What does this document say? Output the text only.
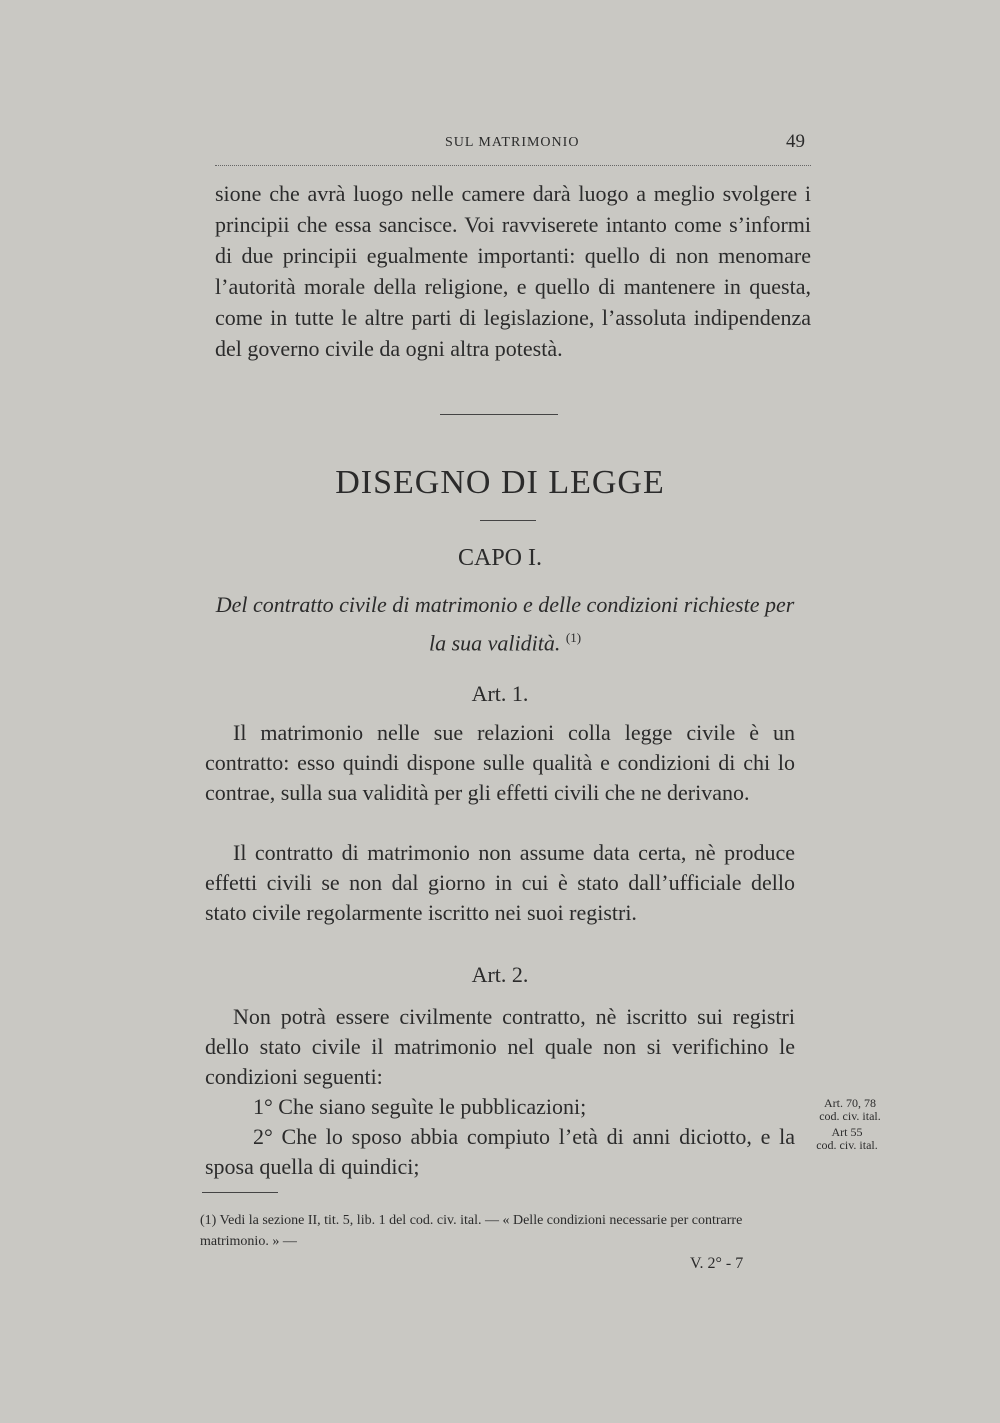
SUL MATRIMONIO	49

sione che avrà luogo nelle camere darà luogo a meglio svolgere i principii che essa sancisce. Voi ravviserete intanto come s’informi di due principii egualmente importanti: quello di non menomare l’autorità morale della religione, e quello di mantenere in questa, come in tutte le altre parti di legislazione, l’assoluta indipendenza del governo civile da ogni altra potestà.

DISEGNO DI LEGGE
CAPO I.

Del contratto civile di matrimonio e delle condizioni richieste per la sua validità. $^{(1)}$

Art. 1.

Il matrimonio nelle sue relazioni colla legge civile è un contratto: esso quindi dispone sulle qualità e condizioni di chi lo contrae, sulla sua validità per gli effetti civili che ne derivano.

Il contratto di matrimonio non assume data certa, nè produce effetti civili se non dal giorno in cui è stato dall’ufficiale dello stato civile regolarmente iscritto nei suoi registri.

Art. 2.

Non potrà essere civilmente contratto, nè iscritto sui registri dello stato civile il matrimonio nel quale non si verifichino le condizioni seguenti:

1° Che siano seguìte le pubblicazioni;
2° Che lo sposo abbia compiuto l’età di anni diciotto, e la sposa quella di quindici;
Art. 70, 78
cod. civ. ital.
Art 55
cod. civ. ital.

(1) Vedi la sezione II, tit. 5, lib. 1 del cod. civ. ital. — « Delle condizioni necessarie per contrarre matrimonio. » —

V. 2° - 7
